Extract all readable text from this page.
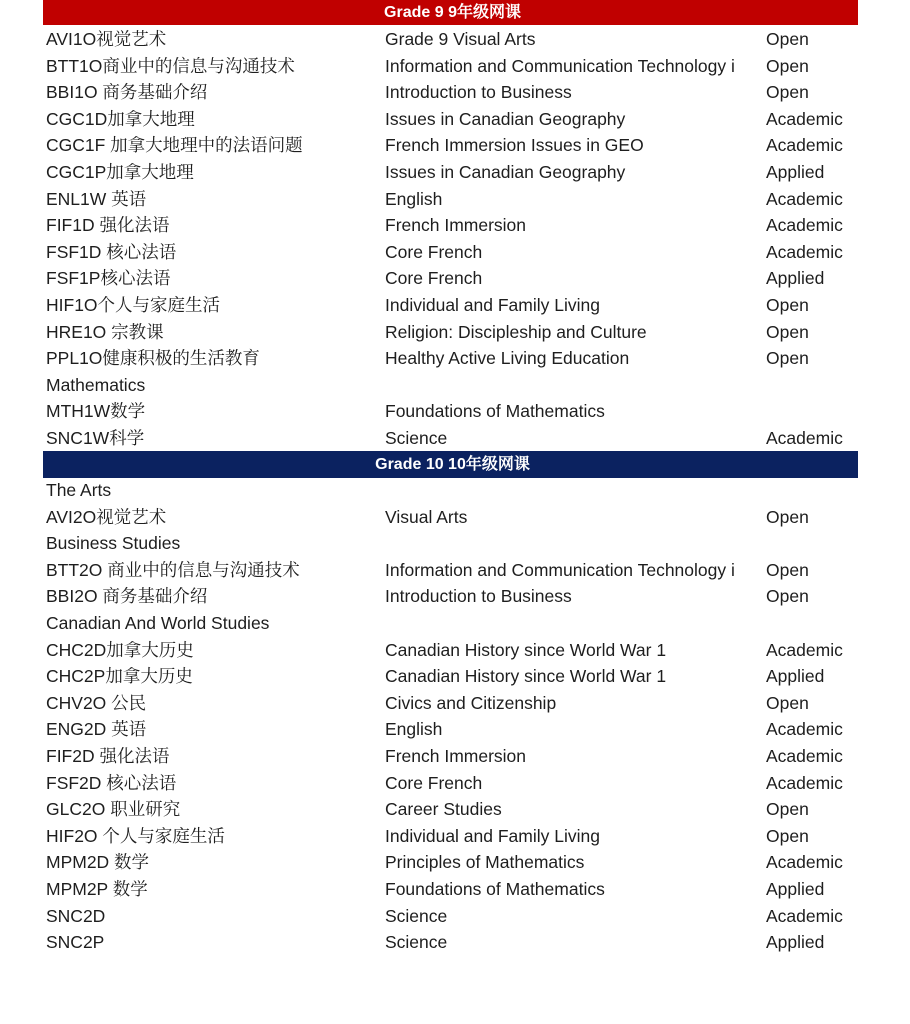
Grade 9 9年级网课
AVI1O视觉艺术	Grade 9 Visual Arts	Open
BTT1O商业中的信息与沟通技术	Information and Communication Technology i	Open
BBI1O 商务基础介绍	Introduction to Business	Open
CGC1D加拿大地理	Issues in Canadian Geography	Academic
CGC1F 加拿大地理中的法语问题	French Immersion Issues in GEO	Academic
CGC1P加拿大地理	Issues in Canadian Geography	Applied
ENL1W 英语	English	Academic
FIF1D 强化法语	French Immersion	Academic
FSF1D 核心法语	Core French	Academic
FSF1P核心法语	Core French	Applied
HIF1O个人与家庭生活	Individual and Family Living	Open
HRE1O 宗教课	Religion: Discipleship and Culture	Open
PPL1O健康积极的生活教育	Healthy Active Living Education	Open
Mathematics
MTH1W数学	Foundations of Mathematics
SNC1W科学	Science	Academic
Grade 10 10年级网课
The Arts
AVI2O视觉艺术	Visual Arts	Open
Business Studies
BTT2O 商业中的信息与沟通技术	Information and Communication Technology i	Open
BBI2O 商务基础介绍	Introduction to Business	Open
Canadian And World Studies
CHC2D加拿大历史	Canadian History since World War 1	Academic
CHC2P加拿大历史	Canadian History since World War 1	Applied
CHV2O 公民	Civics and Citizenship	Open
ENG2D 英语	English	Academic
FIF2D 强化法语	French Immersion	Academic
FSF2D 核心法语	Core French	Academic
GLC2O 职业研究	Career Studies	Open
HIF2O 个人与家庭生活	Individual and Family Living	Open
MPM2D 数学	Principles of Mathematics	Academic
MPM2P 数学	Foundations of Mathematics	Applied
SNC2D	Science	Academic
SNC2P	Science	Applied
